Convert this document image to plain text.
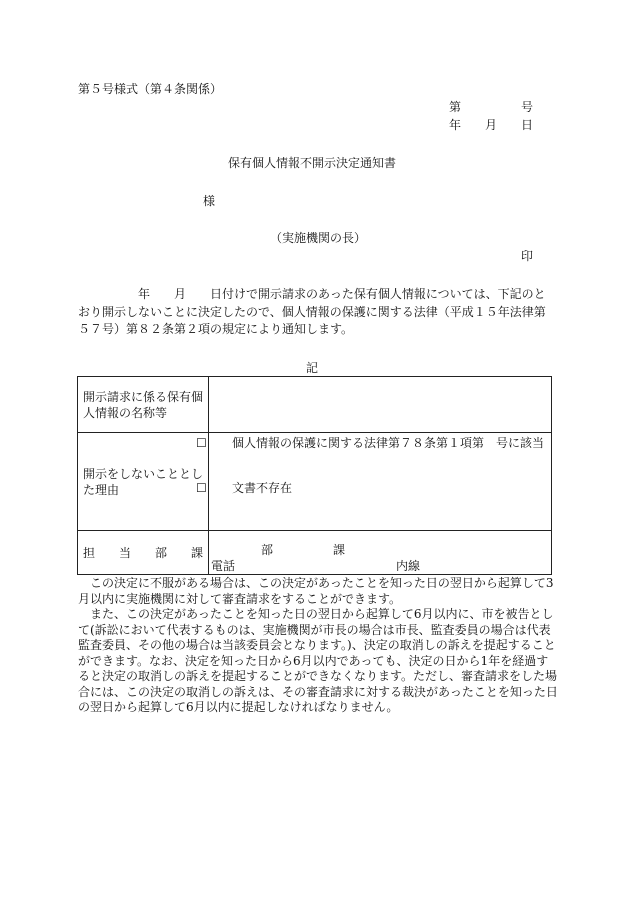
第５号様式（第４条関係）
第　　　　　号
年　　月　　日
保有個人情報不開示決定通知書
様
（実施機関の長）
印
　　　　　年　　月　　日付けで開示請求のあった保有個人情報については、下記のとおり開示しないことに決定したので、個人情報の保護に関する法律（平成１５年法律第５７号）第８２条第２項の規定により通知します。
記
開示請求に係る保有個人情報の名称等	
開示をしないこととした理由	☐ 個人情報の保護に関する法律第７８条第１項第　号に該当
☐ 文書不存在

担　　当　　部　　課	部　　　　　課
電話 内線

この決定に不服がある場合は、この決定があったことを知った日の翌日から起算して3月以内に実施機関に対して審査請求をすることができます。

また、この決定があったことを知った日の翌日から起算して6月以内に、市を被告として(訴訟において代表するものは、実施機関が市長の場合は市長、監査委員の場合は代表監査委員、その他の場合は当該委員会となります。)、決定の取消しの訴えを提起することができます。なお、決定を知った日から6月以内であっても、決定の日から1年を経過すると決定の取消しの訴えを提起することができなくなります。ただし、審査請求をした場合には、この決定の取消しの訴えは、その審査請求に対する裁決があったことを知った日の翌日から起算して6月以内に提起しなければなりません。
